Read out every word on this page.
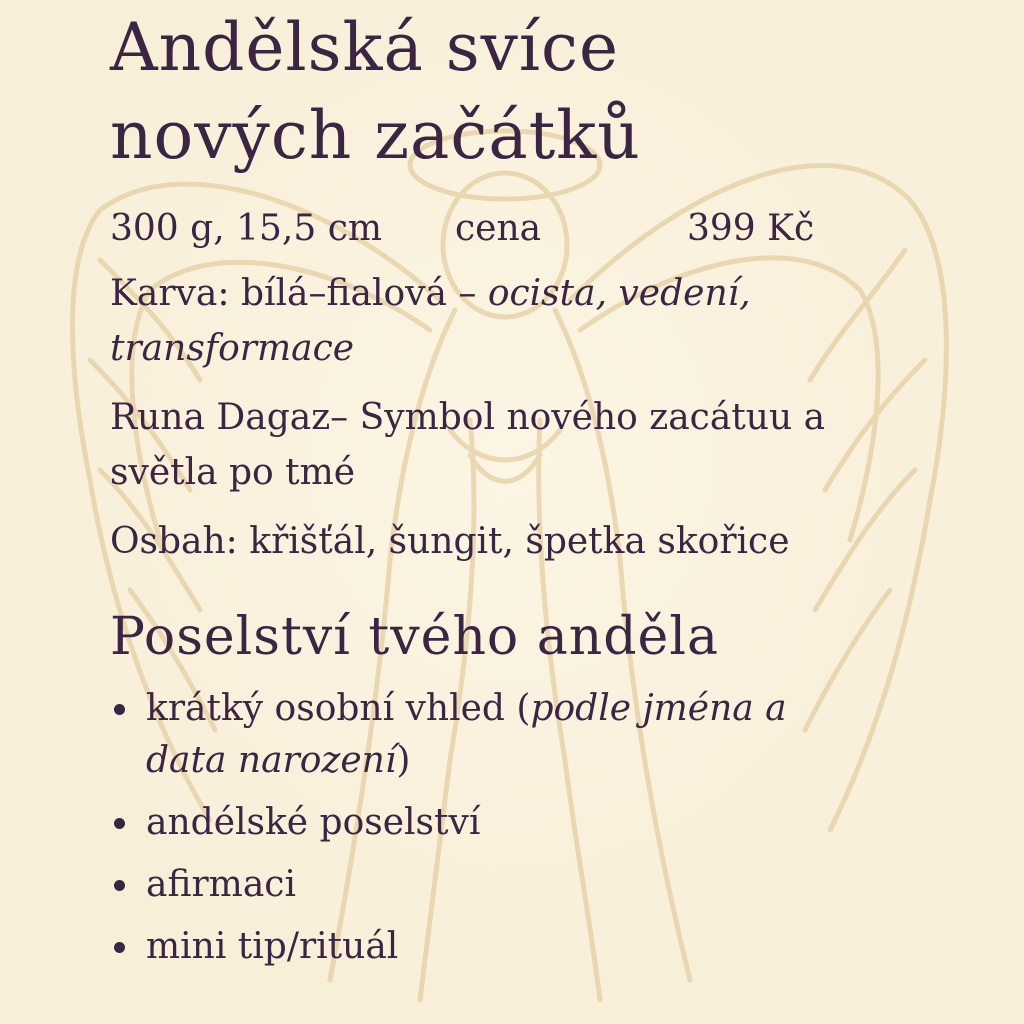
Andělská svíce
nových začátků
300 g, 15,5 cm	cena	399 Kč

Karva: bílá–fialová – ocista, vedení, transformace

Runa Dagaz– Symbol nového zacátuu a světla po tmé

Osbah: křišťál, šungit, špetka skořice

Poselství tvého anděla
krátký osobní vhled (podle jména a data narození)
andélské poselství
afirmaci
mini tip/rituál
